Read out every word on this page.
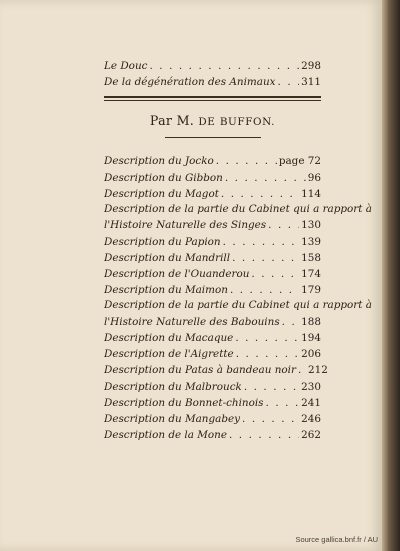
Le Douc . . .	298
De la dégénération des Animaux . . . 311
Par M. DE BUFFON.
Description du Jocko . . .	page 72
Description du Gibbon . . .	96
Description du Magot . . .	114
Description de la partie du Cabinet qui a rapport à
l'Histoire Naturelle des Singes . . .	130
Description du Papion . . .	139
Description du Mandrill . . .	158
Description de l'Ouanderou . . .	174
Description du Maimon . . .	179
Description de la partie du Cabinet qui a rapport à
l'Histoire Naturelle des Babouins . . . 188
Description du Macaque . . .	194
Description de l'Aigrette . . .	206
Description du Patas à bandeau noir . . . 212
Description du Malbrouck . . .	230
Description du Bonnet-chinois . . .	241
Description du Mangabey . . .	246
Description de la Mone . . .	262
Source gallica.bnf.fr / AU
